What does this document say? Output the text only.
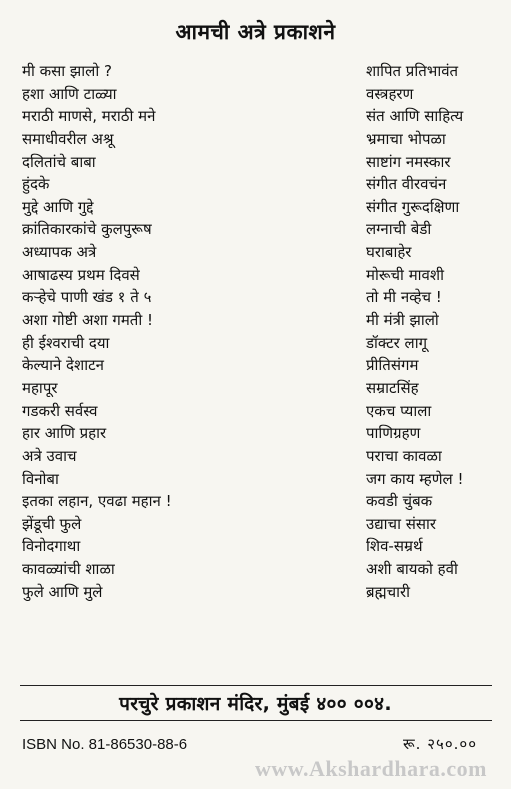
आमची अत्रे प्रकाशने
मी कसा झालो ?
हशा आणि टाळ्या
मराठी माणसे, मराठी मने
समाधीवरील अश्रू
दलितांचे बाबा
हुंदके
मुद्दे आणि गुद्दे
क्रांतिकारकांचे कुलपुरूष
अध्यापक अत्रे
आषाढस्य प्रथम दिवसे
कर्‍हेचे पाणी खंड १ ते ५
अशा गोष्टी अशा गमती !
ही ईश्वराची दया
केल्याने देशाटन
महापूर
गडकरी सर्वस्व
हार आणि प्रहार
अत्रे उवाच
विनोबा
इतका लहान, एवढा महान !
झेंडूची फुले
विनोदगाथा
कावळ्यांची शाळा
फुले आणि मुले
शापित प्रतिभावंत
वस्त्रहरण
संत आणि साहित्य
भ्रमाचा भोपळा
साष्टांग नमस्कार
संगीत वीरवचंन
संगीत गुरूदक्षिणा
लग्नाची बेडी
घराबाहेर
मोरूची मावशी
तो मी नव्हेच !
मी मंत्री झालो
डॉक्टर लागू
प्रीतिसंगम
सम्राटसिंह
एकच प्याला
पाणिग्रहण
पराचा कावळा
जग काय म्हणेल !
कवडी चुंबक
उद्याचा संसार
शिव-सम्रर्थ
अशी बायको हवी
ब्रह्मचारी
परचुरे प्रकाशन मंदिर, मुंबई ४०० ००४.
ISBN No. 81-86530-88-6	रू. २५०.००
www.Akshardhara.com
